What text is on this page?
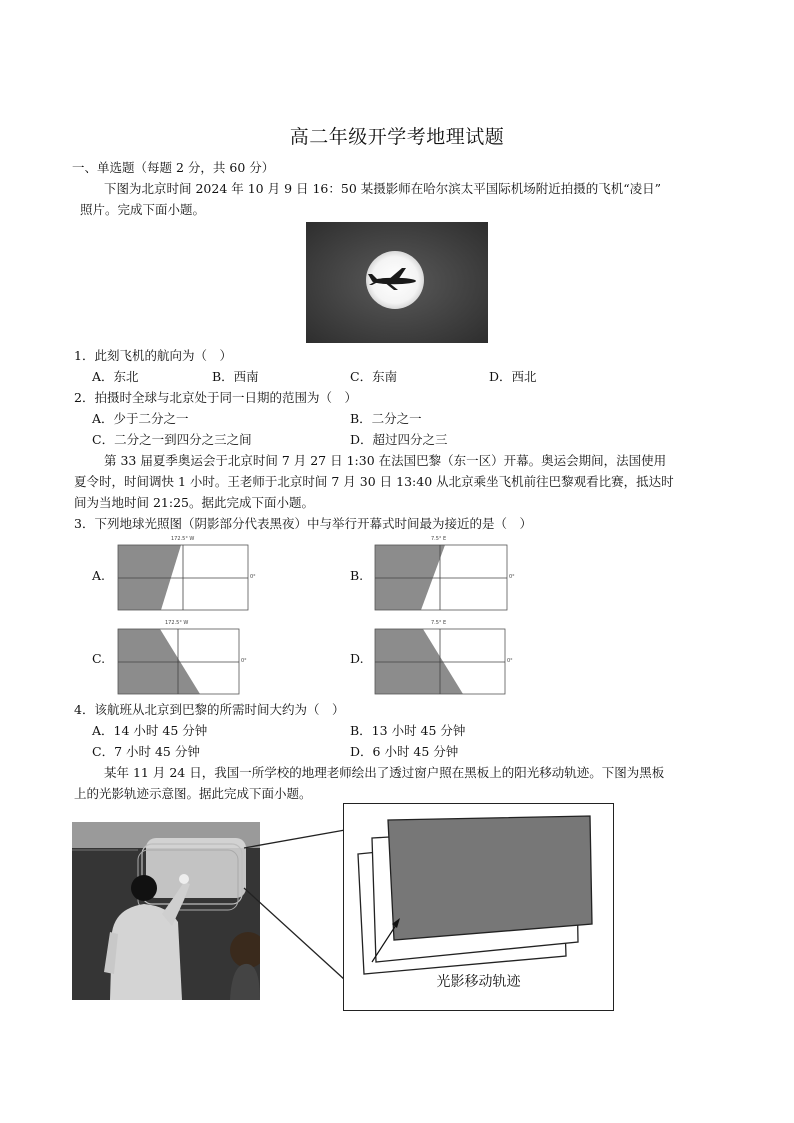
高二年级开学考地理试题
一、单选题（每题 2 分，共 60 分）
下图为北京时间 2024 年 10 月 9 日 16：50 某摄影师在哈尔滨太平国际机场附近拍摄的飞机“凌日”
照片。完成下面小题。
1．此刻飞机的航向为（　）
A．东北	B．西南	C．东南	D．西北
2．拍摄时全球与北京处于同一日期的范围为（　）
A．少于二分之一	B．二分之一
C．二分之一到四分之三之间	D．超过四分之三
第 33 届夏季奥运会于北京时间 7 月 27 日 1:30 在法国巴黎（东一区）开幕。奥运会期间，法国使用
夏令时，时间调快 1 小时。王老师于北京时间 7 月 30 日 13:40 从北京乘坐飞机前往巴黎观看比赛，抵达时
间为当地时间 21:25。据此完成下面小题。
3．下列地球光照图（阴影部分代表黑夜）中与举行开幕式时间最为接近的是（　）
A.
172.5° W
0°	B.
7.5° E
0°
C.
172.5° W
0°	D.
7.5° E
0°
4．该航班从北京到巴黎的所需时间大约为（　）
A．14 小时 45 分钟	B．13 小时 45 分钟
C．7 小时 45 分钟	D．6 小时 45 分钟
某年 11 月 24 日，我国一所学校的地理老师绘出了透过窗户照在黑板上的阳光移动轨迹。下图为黑板
上的光影轨迹示意图。据此完成下面小题。
光影移动轨迹
